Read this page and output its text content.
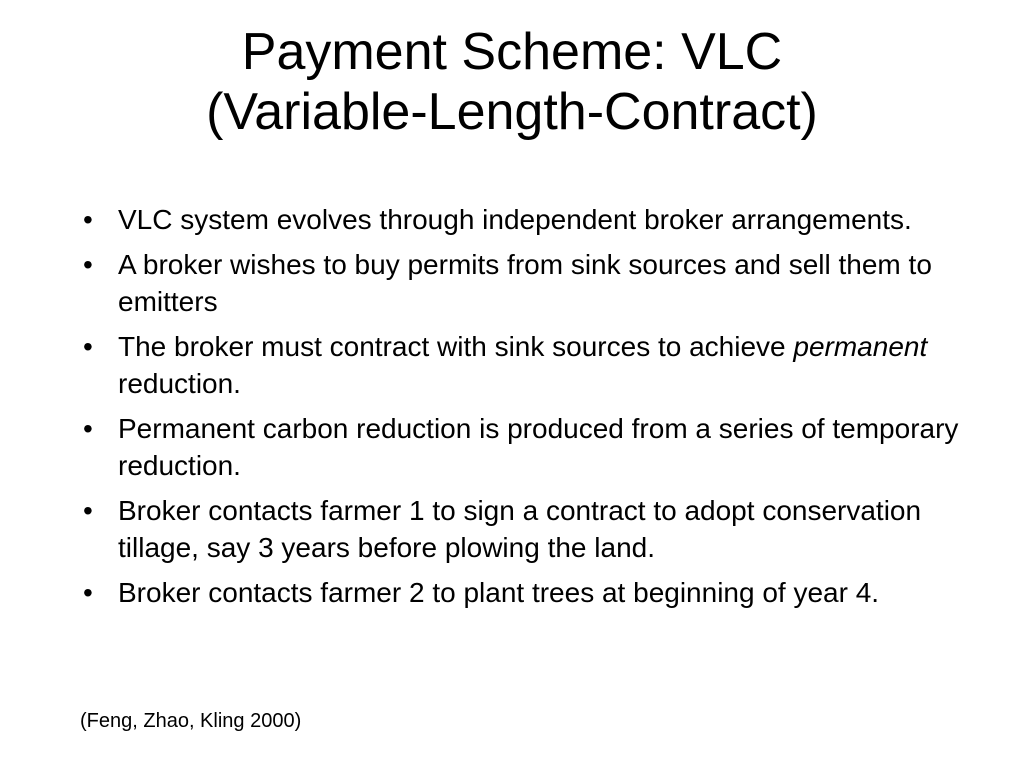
Payment Scheme: VLC
(Variable-Length-Contract)
• VLC system evolves through independent broker arrangements.
• A broker wishes to buy permits from sink sources and sell them to emitters
• The broker must contract with sink sources to achieve permanent reduction.
• Permanent carbon reduction is produced from a series of temporary reduction.
• Broker contacts farmer 1 to sign a contract to adopt conservation tillage, say 3 years before plowing the land.
• Broker contacts farmer 2 to plant trees at beginning of year 4.
(Feng, Zhao, Kling 2000)
